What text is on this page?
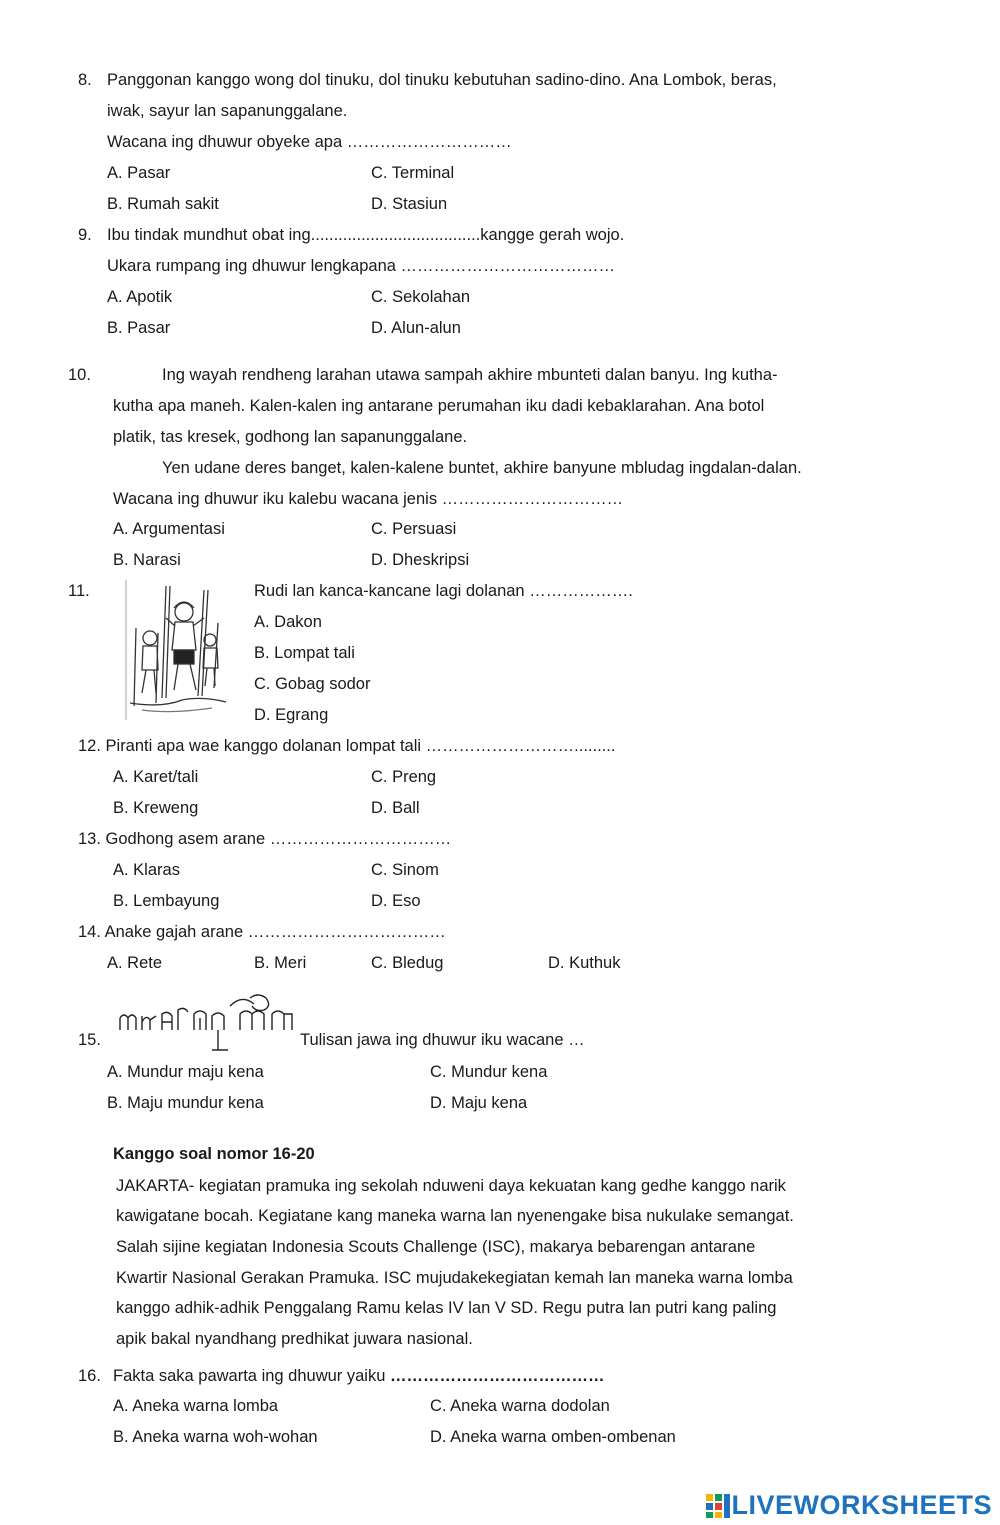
8. Panggonan kanggo wong dol tinuku, dol tinuku kebutuhan sadino-dino. Ana Lombok, beras,
iwak, sayur lan sapanunggalane.
Wacana ing dhuwur obyeke apa …………………………
A. Pasar	C. Terminal
B. Rumah sakit	D. Stasiun
9. Ibu tindak mundhut obat ing.....................................kangge gerah wojo.
Ukara rumpang ing dhuwur lengkapana …………………………………
A. Apotik	C. Sekolahan
B. Pasar	D. Alun-alun
10.	Ing wayah rendheng larahan utawa sampah akhire mbunteti dalan banyu. Ing kutha-
kutha apa maneh. Kalen-kalen ing antarane perumahan iku dadi kebaklarahan. Ana botol
platik, tas kresek, godhong lan sapanunggalane.
Yen udane deres banget, kalen-kalene buntet, akhire banyune mbludag ingdalan-dalan.
Wacana ing dhuwur iku kalebu wacana jenis ……………………………
A. Argumentasi	C. Persuasi
B. Narasi	D. Dheskripsi
11.	Rudi lan kanca-kancane lagi dolanan ……………….
A. Dakon
B. Lompat tali
C. Gobag sodor
D. Egrang
12. Piranti apa wae kanggo dolanan lompat tali ……………………….........
A. Karet/tali	C. Preng
B. Kreweng	D. Ball
13. Godhong asem arane ……………………………
A. Klaras	C. Sinom
B. Lembayung	D. Eso
14. Anake gajah arane ………………………………
A. Rete	B. Meri	C. Bledug	D. Kuthuk
15.	Tulisan jawa ing dhuwur iku wacane …
A. Mundur maju kena	C. Mundur kena
B. Maju mundur kena	D. Maju kena
Kanggo soal nomor 16-20
JAKARTA- kegiatan pramuka ing sekolah nduweni daya kekuatan kang gedhe kanggo narik
kawigatane bocah. Kegiatane kang maneka warna lan nyenengake bisa nukulake semangat.
Salah sijine kegiatan Indonesia Scouts Challenge (ISC), makarya bebarengan antarane
Kwartir Nasional Gerakan Pramuka. ISC mujudakekegiatan kemah lan maneka warna lomba
kanggo adhik-adhik Penggalang Ramu kelas IV lan V SD. Regu putra lan putri kang paling
apik bakal nyandhang predhikat juwara nasional.
16. Fakta saka pawarta ing dhuwur yaiku …………………………………
A. Aneka warna lomba	C. Aneka warna dodolan
B. Aneka warna woh-wohan	D. Aneka warna omben-ombenan
LIVEWORKSHEETS
